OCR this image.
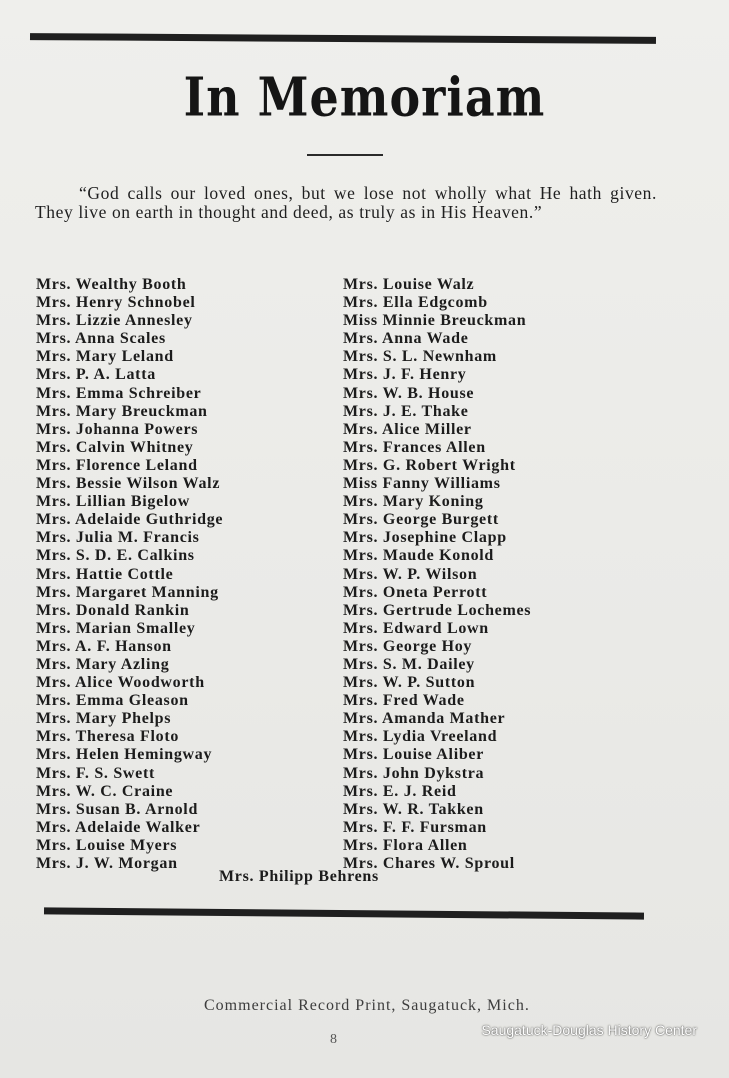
In Memoriam
“God calls our loved ones, but we lose not wholly what He hath given. They live on earth in thought and deed, as truly as in His Heaven.”
Mrs. Wealthy Booth
Mrs. Henry Schnobel
Mrs. Lizzie Annesley
Mrs. Anna Scales
Mrs. Mary Leland
Mrs. P. A. Latta
Mrs. Emma Schreiber
Mrs. Mary Breuckman
Mrs. Johanna Powers
Mrs. Calvin Whitney
Mrs. Florence Leland
Mrs. Bessie Wilson Walz
Mrs. Lillian Bigelow
Mrs. Adelaide Guthridge
Mrs. Julia M. Francis
Mrs. S. D. E. Calkins
Mrs. Hattie Cottle
Mrs. Margaret Manning
Mrs. Donald Rankin
Mrs. Marian Smalley
Mrs. A. F. Hanson
Mrs. Mary Azling
Mrs. Alice Woodworth
Mrs. Emma Gleason
Mrs. Mary Phelps
Mrs. Theresa Floto
Mrs. Helen Hemingway
Mrs. F. S. Swett
Mrs. W. C. Craine
Mrs. Susan B. Arnold
Mrs. Adelaide Walker
Mrs. Louise Myers
Mrs. J. W. Morgan
Mrs. Louise Walz
Mrs. Ella Edgcomb
Miss Minnie Breuckman
Mrs. Anna Wade
Mrs. S. L. Newnham
Mrs. J. F. Henry
Mrs. W. B. House
Mrs. J. E. Thake
Mrs. Alice Miller
Mrs. Frances Allen
Mrs. G. Robert Wright
Miss Fanny Williams
Mrs. Mary Koning
Mrs. George Burgett
Mrs. Josephine Clapp
Mrs. Maude Konold
Mrs. W. P. Wilson
Mrs. Oneta Perrott
Mrs. Gertrude Lochemes
Mrs. Edward Lown
Mrs. George Hoy
Mrs. S. M. Dailey
Mrs. W. P. Sutton
Mrs. Fred Wade
Mrs. Amanda Mather
Mrs. Lydia Vreeland
Mrs. Louise Aliber
Mrs. John Dykstra
Mrs. E. J. Reid
Mrs. W. R. Takken
Mrs. F. F. Fursman
Mrs. Flora Allen
Mrs. Chares W. Sproul
Mrs. Philipp Behrens
Commercial Record Print, Saugatuck, Mich.
8
Saugatuck-Douglas History Center
